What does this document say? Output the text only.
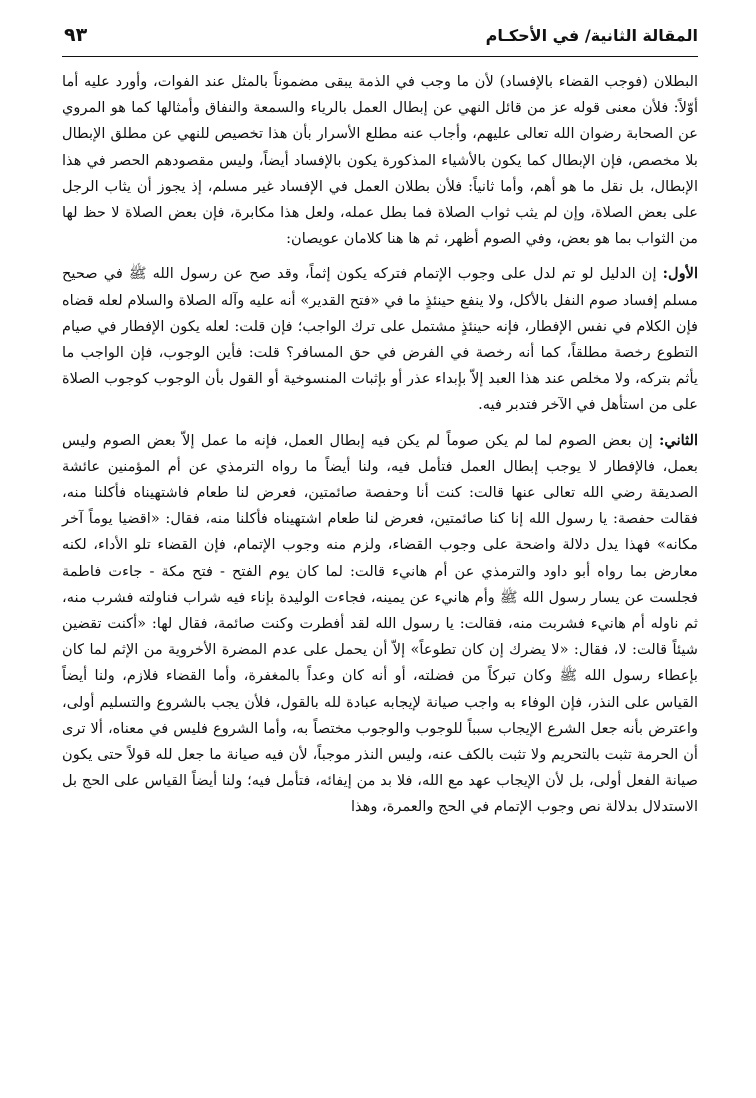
المقالة الثانية/ في الأحكـام
٩٣

البطلان (فوجب القضاء بالإفساد) لأن ما وجب في الذمة يبقى مضموناً بالمثل عند الفوات، وأورد عليه أما أوّلاً: فلأن معنى قوله عز من قائل النهي عن إبطال العمل بالرياء والسمعة والنفاق وأمثالها كما هو المروي عن الصحابة رضوان الله تعالى عليهم، وأجاب عنه مطلع الأسرار بأن هذا تخصيص للنهي عن مطلق الإبطال بلا مخصص، فإن الإبطال كما يكون بالأشياء المذكورة يكون بالإفساد أيضاً، وليس مقصودهم الحصر في هذا الإبطال، بل نقل ما هو أهم، وأما ثانياً: فلأن بطلان العمل في الإفساد غير مسلم، إذ يجوز أن يثاب الرجل على بعض الصلاة، وإن لم يثب ثواب الصلاة فما بطل عمله، ولعل هذا مكابرة، فإن بعض الصلاة لا حظ لها من الثواب بما هو بعض، وفي الصوم أظهر، ثم ها هنا كلامان عويصان:

الأول: إن الدليل لو تم لدل على وجوب الإتمام فتركه يكون إثماً، وقد صح عن رسول الله ﷺ في صحيح مسلم إفساد صوم النفل بالأكل، ولا ينفع حينئذٍ ما في «فتح القدير» أنه عليه وآله الصلاة والسلام لعله قضاه فإن الكلام في نفس الإفطار، فإنه حينئذٍ مشتمل على ترك الواجب؛ فإن قلت: لعله يكون الإفطار في صيام التطوع رخصة مطلقاً، كما أنه رخصة في الفرض في حق المسافر؟ قلت: فأين الوجوب، فإن الواجب ما يأثم بتركه، ولا مخلص عند هذا العبد إلاّ بإبداء عذر أو بإثبات المنسوخية أو القول بأن الوجوب كوجوب الصلاة على من استأهل في الآخر فتدبر فيه.

الثاني: إن بعض الصوم لما لم يكن صوماً لم يكن فيه إبطال العمل، فإنه ما عمل إلاّ بعض الصوم وليس بعمل، فالإفطار لا يوجب إبطال العمل فتأمل فيه، ولنا أيضاً ما رواه الترمذي عن أم المؤمنين عائشة الصديقة رضي الله تعالى عنها قالت: كنت أنا وحفصة صائمتين، فعرض لنا طعام فاشتهيناه فأكلنا منه، فقالت حفصة: يا رسول الله إنا كنا صائمتين، فعرض لنا طعام اشتهيناه فأكلنا منه، فقال: «اقضيا يوماً آخر مكانه» فهذا يدل دلالة واضحة على وجوب القضاء، ولزم منه وجوب الإتمام، فإن القضاء تلو الأداء، لكنه معارض بما رواه أبو داود والترمذي عن أم هانيء قالت: لما كان يوم الفتح - فتح مكة - جاءت فاطمة فجلست عن يسار رسول الله ﷺ وأم هانيء عن يمينه، فجاءت الوليدة بإناء فيه شراب فناولته فشرب منه، ثم ناوله أم هانيء فشربت منه، فقالت: يا رسول الله لقد أفطرت وكنت صائمة، فقال لها: «أكنت تقضين شيئاً قالت: لا، فقال: «لا يضرك إن كان تطوعاً» إلاّ أن يحمل على عدم المضرة الأخروية من الإثم لما كان بإعطاء رسول الله ﷺ وكان تبركاً من فضلته، أو أنه كان وعداً بالمغفرة، وأما القضاء فلازم، ولنا أيضاً القياس على النذر، فإن الوفاء به واجب صيانة لإيجابه عبادة لله بالقول، فلأن يجب بالشروع والتسليم أولى، واعترض بأنه جعل الشرع الإيجاب سبباً للوجوب والوجوب مختصاً به، وأما الشروع فليس في معناه، ألا ترى أن الحرمة تثبت بالتحريم ولا تثبت بالكف عنه، وليس النذر موجباً، لأن فيه صيانة ما جعل لله قولاً حتى يكون صيانة الفعل أولى، بل لأن الإيجاب عهد مع الله، فلا بد من إيفائه، فتأمل فيه؛ ولنا أيضاً القياس على الحج بل الاستدلال بدلالة نص وجوب الإتمام في الحج والعمرة، وهذا
